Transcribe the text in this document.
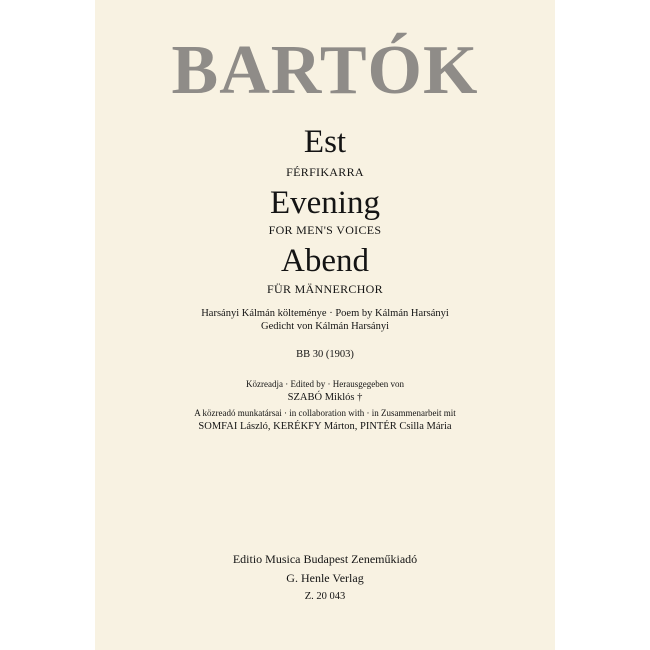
BARTÓK
Est
FÉRFIKARRA
Evening
FOR MEN'S VOICES
Abend
FÜR MÄNNERCHOR
Harsányi Kálmán költeménye · Poem by Kálmán Harsányi
Gedicht von Kálmán Harsányi
BB 30 (1903)
Közreadja · Edited by · Herausgegeben von
SZABÓ Miklós †
A közreadó munkatársai · in collaboration with · in Zusammenarbeit mit
SOMFAI László, KERÉKFY Márton, PINTÉR Csilla Mária
Editio Musica Budapest Zeneműkiadó
G. Henle Verlag
Z. 20 043
